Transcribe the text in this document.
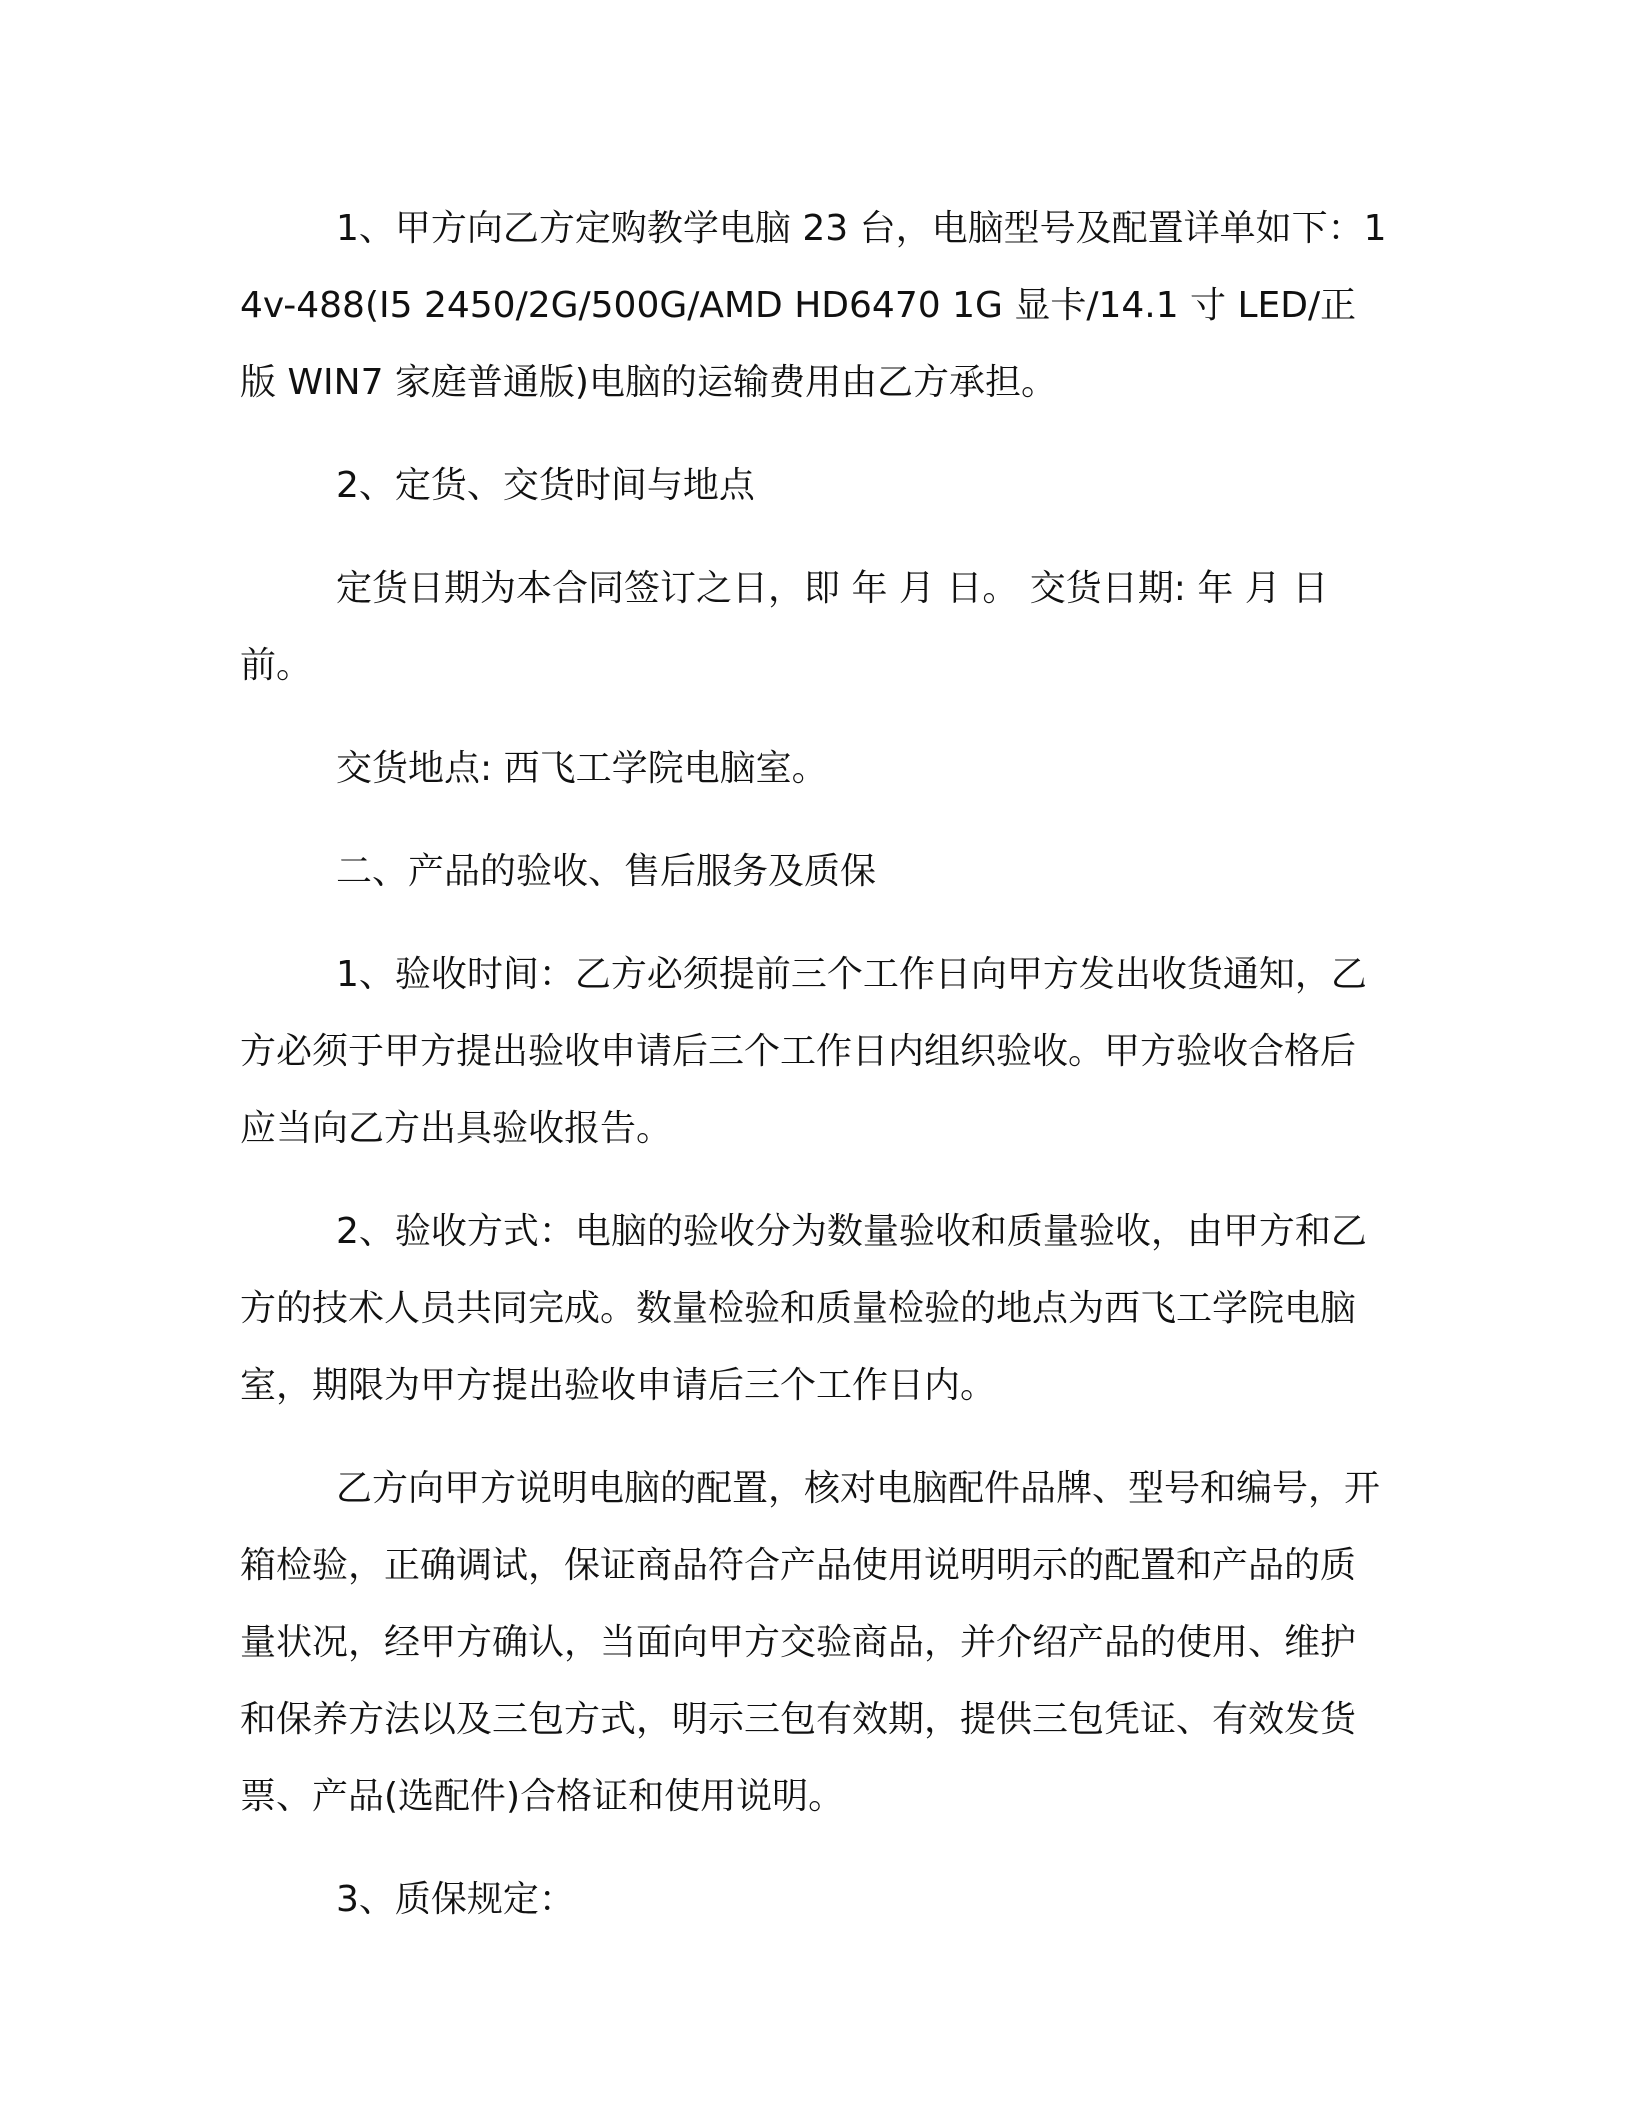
1、甲方向乙方定购教学电脑 23 台，电脑型号及配置详单如下：14v-488(I5 2450/2G/500G/AMD HD6470 1G 显卡/14.1 寸 LED/正版 WIN7 家庭普通版)电脑的运输费用由乙方承担。

2、定货、交货时间与地点

定货日期为本合同签订之日，即 年 月 日。 交货日期: 年 月 日前。

交货地点: 西飞工学院电脑室。

二、产品的验收、售后服务及质保

1、验收时间：乙方必须提前三个工作日向甲方发出收货通知，乙方必须于甲方提出验收申请后三个工作日内组织验收。甲方验收合格后应当向乙方出具验收报告。

2、验收方式：电脑的验收分为数量验收和质量验收，由甲方和乙方的技术人员共同完成。数量检验和质量检验的地点为西飞工学院电脑室，期限为甲方提出验收申请后三个工作日内。

乙方向甲方说明电脑的配置，核对电脑配件品牌、型号和编号，开箱检验，正确调试，保证商品符合产品使用说明明示的配置和产品的质量状况，经甲方确认，当面向甲方交验商品，并介绍产品的使用、维护和保养方法以及三包方式，明示三包有效期，提供三包凭证、有效发货票、产品(选配件)合格证和使用说明。

3、质保规定：
